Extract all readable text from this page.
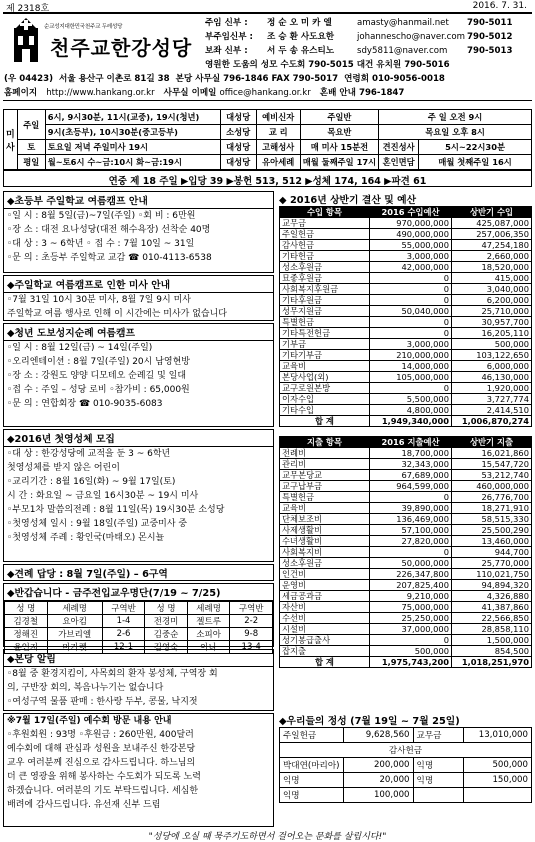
제 2318호	2016. 7. 31.
순교성지대한민국천주교 두레성당
천주교한강성당
주임 신부 : 정 순 오 미 카 엘	amasty@hanmail.net 790-5011
부주임신부 : 조 승 환 사도요한	johannescho@naver.com 790-5012
보좌 신부 : 서 두 송 유스티노	sdy5811@naver.com 790-5013
영원한 도움의 성모 수도회 790-5015 대건 유치원 790-5016
(우 04423) 서울 용산구 이촌로 81길 38 본당 사무실 796-1846 FAX 790-5017 연령회 010-9056-0018
홈페이지 http://www.hankang.or.kr 사무실 이메일 office@hankang.or.kr 혼배 안내 796-1847
미 사	주일	6시, 9시30분, 11시(교중), 19시(청년)	대성당	예비신자	주일반	주 일 오전 9시	
		9시(초등부), 10시30분(중고등부)	소성당	교 리	목요반	목요일 오후 8시	
	토	토요일 저녁 주일미사 19시	대성당	고해성사	매 미사 15분전	견진성사	5시~22시30분
	평일	월~토6시 수~금:10시 화~금:19시	대성당	유아세례	매월 둘째주일 17시	혼인면담	매월 첫째주일 16시
연중 제 18 주일 ▶입당 39 ▶봉헌 513, 512 ▶성체 174, 164 ▶파견 61
◆초등부 주일학교 여름캠프 안내
◦일 시 : 8월 5일(금)~7일(주일) ◦회 비 : 6만원
◦장 소 : 대전 요나성당(대전 해수욕장) 선착순 40명
◦대 상 : 3 ~ 6학년 ◦ 접 수 : 7월 10일 ~ 31일
◦문 의 : 초등부 주일학교 교감 ☎ 010-4113-6538
◆주일학교 여름캠프로 인한 미사 안내
◦7월 31일 10시 30분 미사, 8월 7일 9시 미사
주일학교 여름 행사로 인해 이 시간에는 미사가 없습니다
◆청년 도보성지순례 여름캠프
◦일 시 : 8월 12일(금) ~ 14일(주일)
◦오리엔테이션 : 8월 7일(주일) 20시 남영현방
◦장 소 : 강원도 양양 디모테오 순례길 및 일대
◦접 수 : 주일 – 성당 로비 ◦참가비 : 65,000원
◦문 의 : 연합회장 ☎ 010-9035-6083
◆2016년 첫영성체 모집
◦대 상 : 한강성당에 교적을 둔 3 ~ 6학년
첫영성체를 받지 않은 어린이
◦교리기간 : 8월 16일(화) ~ 9월 17일(토)
시 간 : 화요일 ~ 금요일 16시30분 ~ 19시 미사
◦부모1차 말씀의전례 : 8월 11일(목) 19시30분 소성당
◦첫영성체 일시 : 9월 18일(주일) 교중미사 중
◦첫영성체 주례 : 황인국(마태오) 몬시뇰
◆견례 답당 : 8월 7일(주일) – 6구역
◆반갑습니다 - 금주전입교우명단(7/19 ~ 7/25)
성 명	세례명	구역반	성 명	세례명	구역반
김경철	요아킴	1-4	전경미	젤트루	2-2
정해진	가브리엘	2-6	김중순	소피아	9-8
윤인지	마가렛	12-1	김영숙	아나	13-4
◆본당 알림
◦8월 중 환경지킴이, 사목회의 환자 봉성체, 구역장 회
의, 구반장 회의, 복음나누기는 없습니다
◦여성구역 물품 판매 : 한사랑 두부, 콩물, 낙지젓
※7월 17일(주일) 예수회 방문 내용 안내
◦후원회원 : 93명 ◦후원금 : 260만원, 400달러
예수회에 대해 관심과 성원을 보내주신 한강본당
교우 여러분께 진심으로 감사드립니다. 하느님의
더 큰 영광을 위해 봉사하는 수도회가 되도록 노력
하겠습니다. 여러분의 기도 부탁드립니다. 세심한
배려에 감사드립니다. 유선재 신부 드림
◆ 2016년 상반기 결산 및 예산
수입 항목	2016 수입예산	상반기 수입
교무금	970,000,000	425,087,000
주일헌금	490,000,000	257,006,350
감사헌금	55,000,000	47,254,180
기타헌금	3,000,000	2,660,000
성소후원금	42,000,000	18,520,000
묘좋후원금	0	415,000
사회복지후원금	0	3,040,000
기타후원금	0	6,200,000
성무지원금	50,040,000	25,710,000
특별헌금	0	30,957,700
기타특전헌금	0	16,205,110
기부금	3,000,000	500,000
기타기부금	210,000,000	103,122,650
교육비	14,000,000	6,000,000
본당사업(외)	105,000,000	46,130,000
교구로원본방	0	1,920,000
이자수입	5,500,000	3,727,774
기타수입	4,800,000	2,414,510
합 계	1,949,340,000	1,006,870,274
지출 항목	2016 지출예산	상반기 지출
전례비	18,700,000	16,021,860
관리비	32,343,000	15,547,720
교무본당교	67,689,000	53,212,740
교구납부금	964,599,000	460,000,000
특별헌금	0	26,776,700
교육비	39,890,000	18,271,910
단체보조비	136,469,000	58,515,330
사제생활비	57,100,000	25,500,290
수녀생활비	27,820,000	13,460,000
사회복지비	0	944,700
성소후원금	50,000,000	25,770,000
인건비	226,347,800	110,021,750
운영비	207,825,400	94,894,320
세금공과금	9,210,000	4,326,880
자산비	75,000,000	41,387,860
수선비	25,250,000	22,566,850
시설비	37,000,000	28,858,110
성기봉급출사	0	1,500,000
잡지출	500,000	854,500
합 계	1,975,743,200	1,018,251,970
◆우리들의 정성 (7월 19일 ~ 7월 25일)
주일헌금	9,628,560	교무금	13,010,000
감사헌금			
박대연(마리아)	200,000	익명	500,000
익명	20,000	익명	150,000
익명	100,000		
"성당에 오실 때 묵주기도하면서 걸어오는 문화를 살립시다!"
